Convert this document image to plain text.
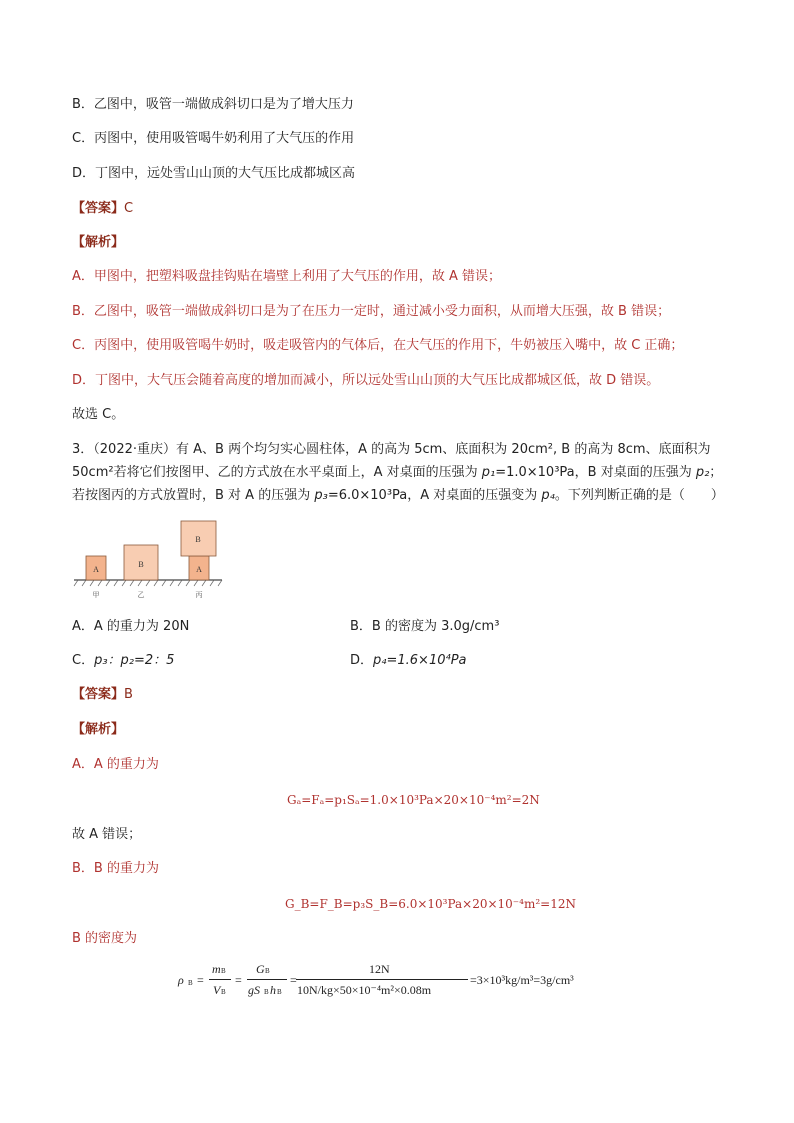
B．乙图中，吸管一端做成斜切口是为了增大压力
C．丙图中，使用吸管喝牛奶利用了大气压的作用
D．丁图中，远处雪山山顶的大气压比成都城区高
【答案】C
【解析】
A．甲图中，把塑料吸盘挂钩贴在墙壁上利用了大气压的作用，故 A 错误；
B．乙图中，吸管一端做成斜切口是为了在压力一定时，通过减小受力面积，从而增大压强，故 B 错误；
C．丙图中，使用吸管喝牛奶时，吸走吸管内的气体后，在大气压的作用下，牛奶被压入嘴中，故 C 正确；
D．丁图中，大气压会随着高度的增加而减小，所以远处雪山山顶的大气压比成都城区低，故 D 错误。
故选 C。
3．（2022·重庆）有 A、B 两个均匀实心圆柱体，A 的高为 5cm、底面积为 20cm², B 的高为 8cm、底面积为
50cm²若将它们按图甲、乙的方式放在水平桌面上，A 对桌面的压强为 p₁=1.0×10³Pa，B 对桌面的压强为 p₂；
若按图丙的方式放置时，B 对 A 的压强为 p₃=6.0×10³Pa，A 对桌面的压强变为 p₄。下列判断正确的是（　　）
A
B
A
B
甲	乙	丙
A．A 的重力为 20N	B．B 的密度为 3.0g/cm³
C．p₃：p₂=2：5	D．p₄=1.6×10⁴Pa
【答案】B
【解析】
A．A 的重力为
Gₐ=Fₐ=p₁Sₐ=1.0×10³Pa×20×10⁻⁴m²=2N
故 A 错误；
B．B 的重力为
G_B=F_B=p₃S_B=6.0×10³Pa×20×10⁻⁴m²=12N
B 的密度为
ρ B =
m B
V B
=
G B
gS B h B
=
12N
10N/kg×50×10⁻⁴m²×0.08m
=3×10³kg/m³=3g/cm³
